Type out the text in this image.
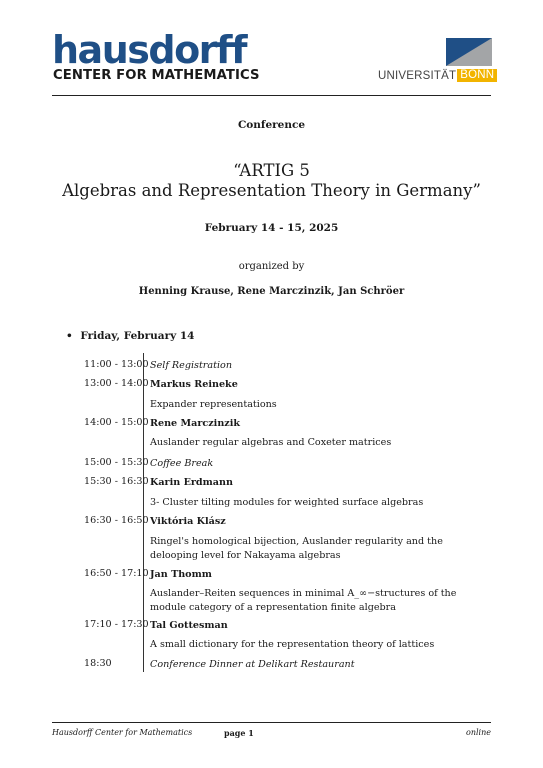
hausdorff
CENTER FOR MATHEMATICS	UNIVERSITÄT BONN
Conference
“ARTIG 5
Algebras and Representation Theory in Germany”
February 14 - 15, 2025
organized by
Henning Krause, Rene Marczinzik, Jan Schröer
• Friday, February 14
11:00 - 13:00 Self Registration
13:00 - 14:00 Markus Reineke
Expander representations
14:00 - 15:00 Rene Marczinzik
Auslander regular algebras and Coxeter matrices
15:00 - 15:30 Coffee Break
15:30 - 16:30 Karin Erdmann
3- Cluster tilting modules for weighted surface algebras
16:30 - 16:50 Viktória Klász
Ringel's homological bijection, Auslander regularity and the delooping level for Nakayama algebras
16:50 - 17:10 Jan Thomm
Auslander–Reiten sequences in minimal A_∞−structures of the module category of a representation finite algebra
17:10 - 17:30 Tal Gottesman
A small dictionary for the representation theory of lattices
18:30	Conference Dinner at Delikart Restaurant
Hausdorff Center for Mathematics	page 1	online
